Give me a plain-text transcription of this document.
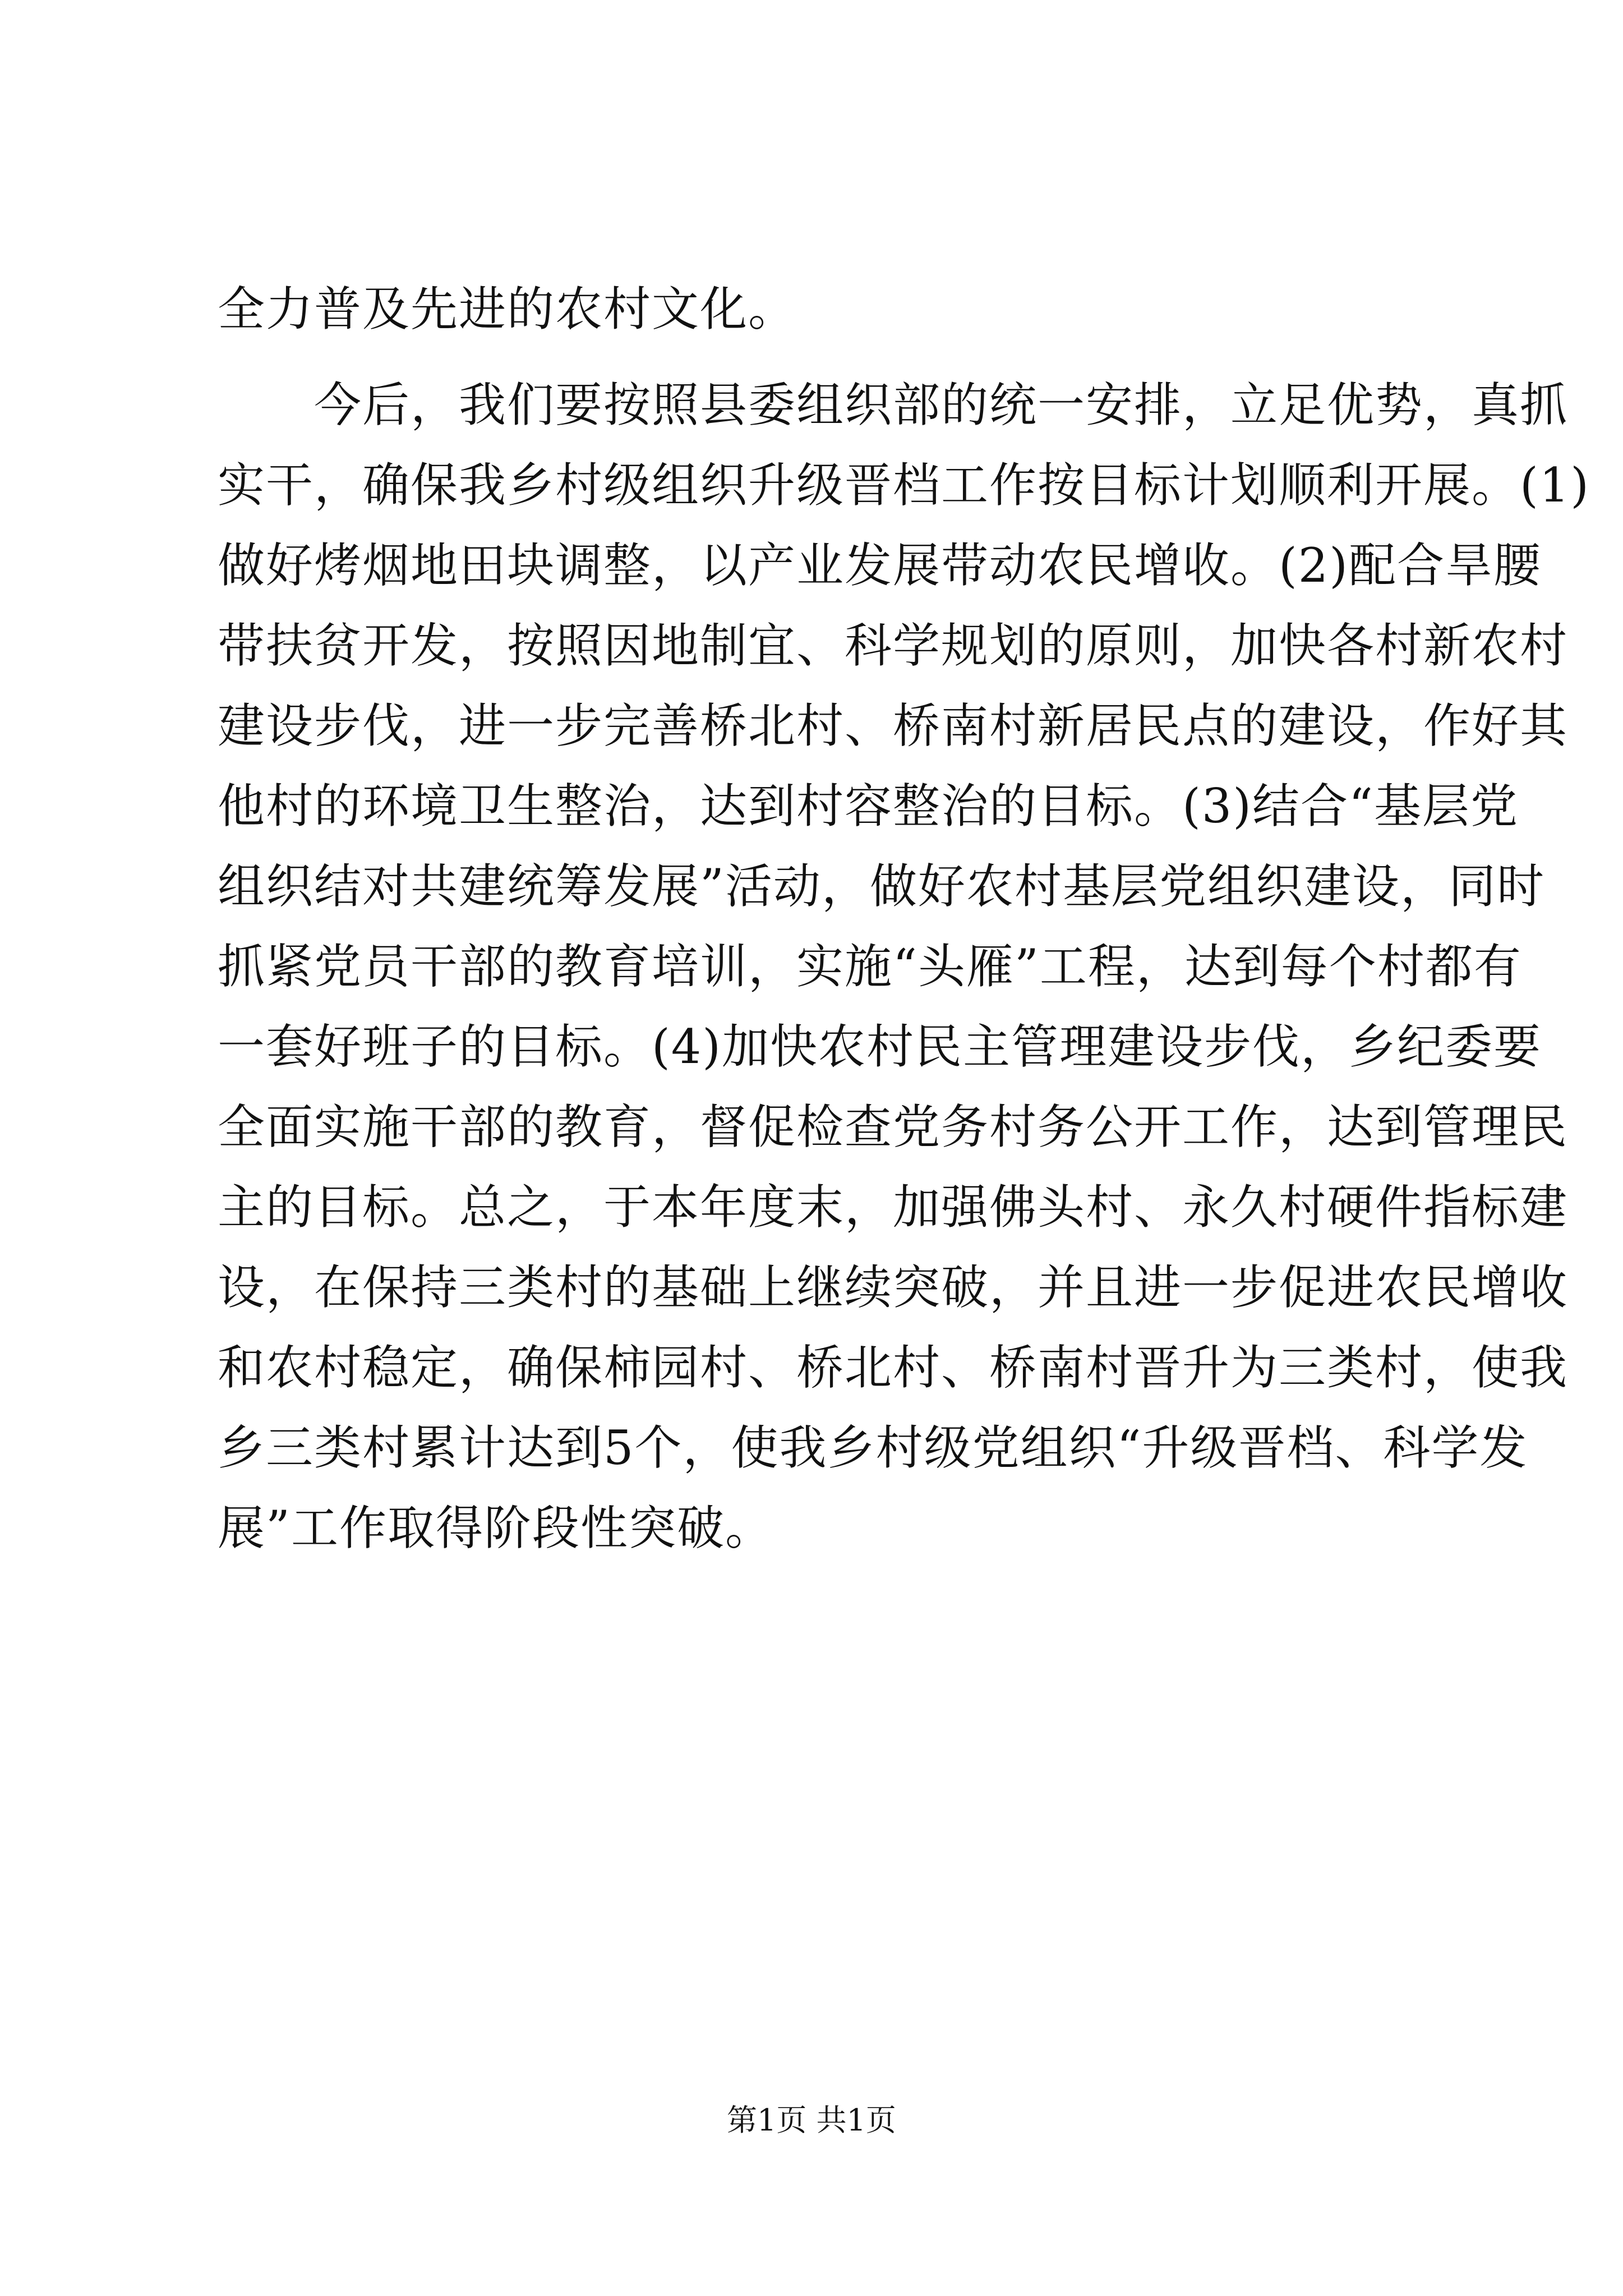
全力普及先进的农村文化。
　　今后，我们要按照县委组织部的统一安排，立足优势，真抓
实干，确保我乡村级组织升级晋档工作按目标计划顺利开展。(1)
做好烤烟地田块调整，以产业发展带动农民增收。(2)配合旱腰
带扶贫开发，按照因地制宜、科学规划的原则，加快各村新农村
建设步伐，进一步完善桥北村、桥南村新居民点的建设，作好其
他村的环境卫生整治，达到村容整治的目标。(3)结合“基层党
组织结对共建统筹发展”活动，做好农村基层党组织建设，同时
抓紧党员干部的教育培训，实施“头雁”工程，达到每个村都有
一套好班子的目标。(4)加快农村民主管理建设步伐，乡纪委要
全面实施干部的教育，督促检查党务村务公开工作，达到管理民
主的目标。总之，于本年度末，加强佛头村、永久村硬件指标建
设，在保持三类村的基础上继续突破，并且进一步促进农民增收
和农村稳定，确保柿园村、桥北村、桥南村晋升为三类村，使我
乡三类村累计达到5个，使我乡村级党组织“升级晋档、科学发
展”工作取得阶段性突破。
第1页 共1页
